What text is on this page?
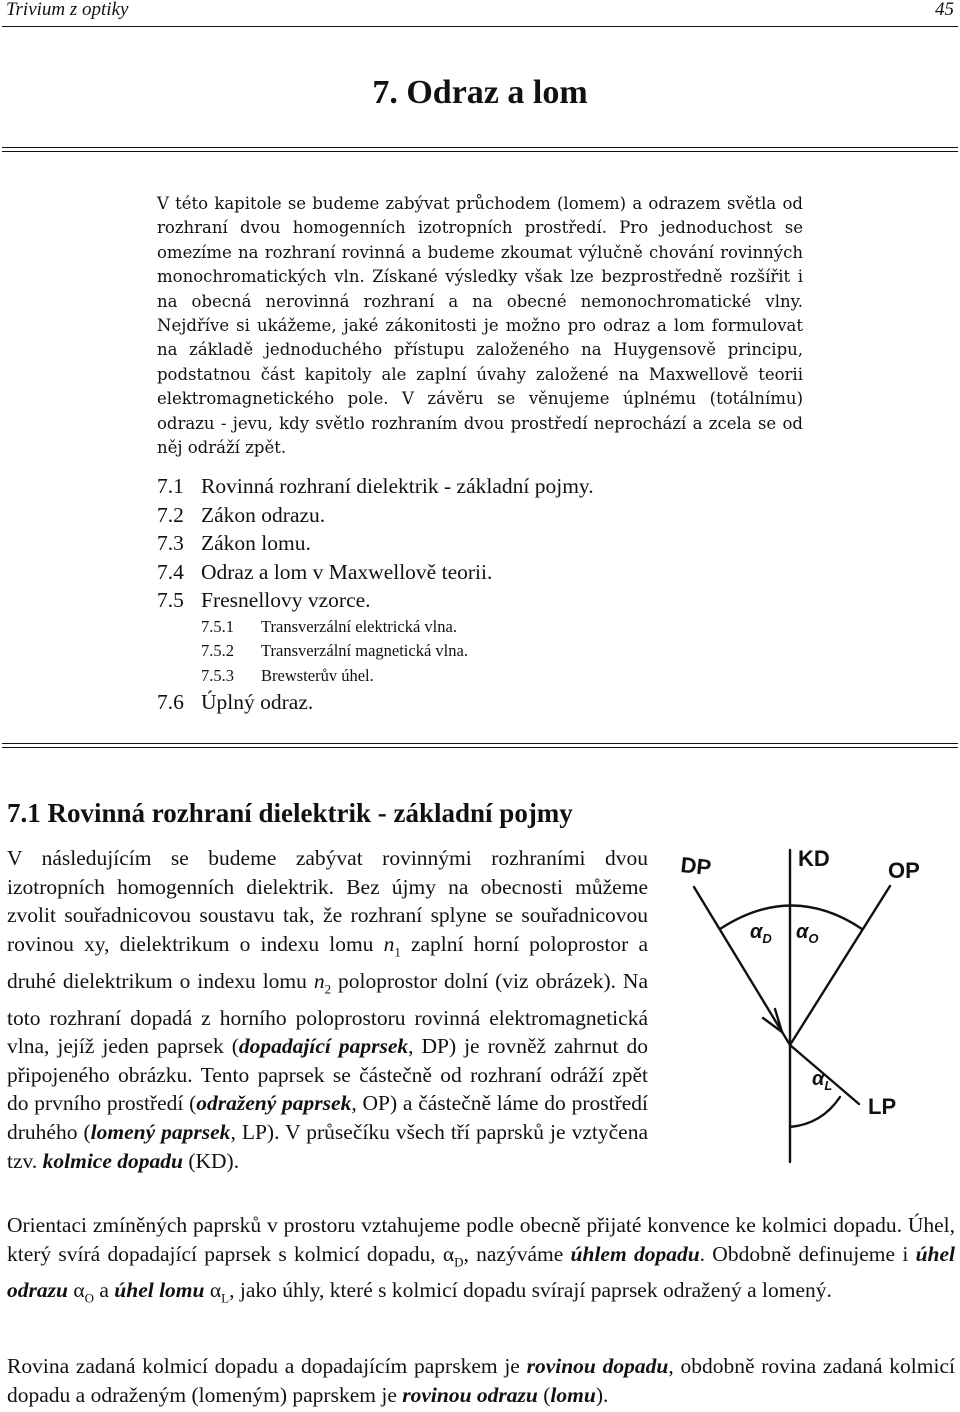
Trivium z optiky	45
7. Odraz a lom

V této kapitole se budeme zabývat průchodem (lomem) a odrazem světla od rozhraní dvou homogenních izotropních prostředí. Pro jednoduchost se omezíme na rozhraní rovinná a budeme zkoumat výlučně chování rovinných monochromatických vln. Získané výsledky však lze bezprostředně rozšířit i na obecná nerovinná rozhraní a na obecné nemonochromatické vlny. Nejdříve si ukážeme, jaké zákonitosti je možno pro odraz a lom formulovat na základě jednoduchého přístupu založeného na Huygensově principu, podstatnou část kapitoly ale zaplní úvahy založené na Maxwellově teorii elektromagnetického pole. V závěru se věnujeme úplnému (totálnímu) odrazu - jevu, kdy světlo rozhraním dvou prostředí neprochází a zcela se od něj odráží zpět.

7.1 Rovinná rozhraní dielektrik - základní pojmy.
7.2 Zákon odrazu.
7.3 Zákon lomu.
7.4 Odraz a lom v Maxwellově teorii.
7.5 Fresnellovy vzorce.
7.5.1 Transverzální elektrická vlna.
7.5.2 Transverzální magnetická vlna.
7.5.3 Brewsterův úhel.
7.6 Úplný odraz.
7.1 Rovinná rozhraní dielektrik - základní pojmy

V následujícím se budeme zabývat rovinnými rozhraními dvou izotropních homogenních dielektrik. Bez újmy na obecnosti můžeme zvolit souřadnicovou soustavu tak, že rozhraní splyne se souřadnicovou rovinou xy, dielektrikum o indexu lomu $n_1$ zaplní horní poloprostor a druhé dielektrikum o indexu lomu $n_2$ poloprostor dolní (viz obrázek). Na toto rozhraní dopadá z horního poloprostoru rovinná elektromagnetická vlna, jejíž jeden paprsek (dopadající paprsek, DP) je rovněž zahrnut do připojeného obrázku. Tento paprsek se částečně od rozhraní odráží zpět do prvního prostředí (odražený paprsek, OP) a částečně láme do prostředí druhého (lomený paprsek, LP). V průsečíku všech tří paprsků je vztyčena tzv. kolmice dopadu (KD).

DP	KD	OP
LP
$\alpha_D$ $\alpha_O$
$\alpha_L$

Orientaci zmíněných paprsků v prostoru vztahujeme podle obecně přijaté konvence ke kolmici dopadu. Úhel, který svírá dopadající paprsek s kolmicí dopadu, $\alpha_D$, nazýváme úhlem dopadu. Obdobně definujeme i úhel odrazu $\alpha_O$ a úhel lomu $\alpha_L$, jako úhly, které s kolmicí dopadu svírají paprsek odražený a lomený.

Rovina zadaná kolmicí dopadu a dopadajícím paprskem je rovinou dopadu, obdobně rovina zadaná kolmicí dopadu a odraženým (lomeným) paprskem je rovinou odrazu (lomu).
